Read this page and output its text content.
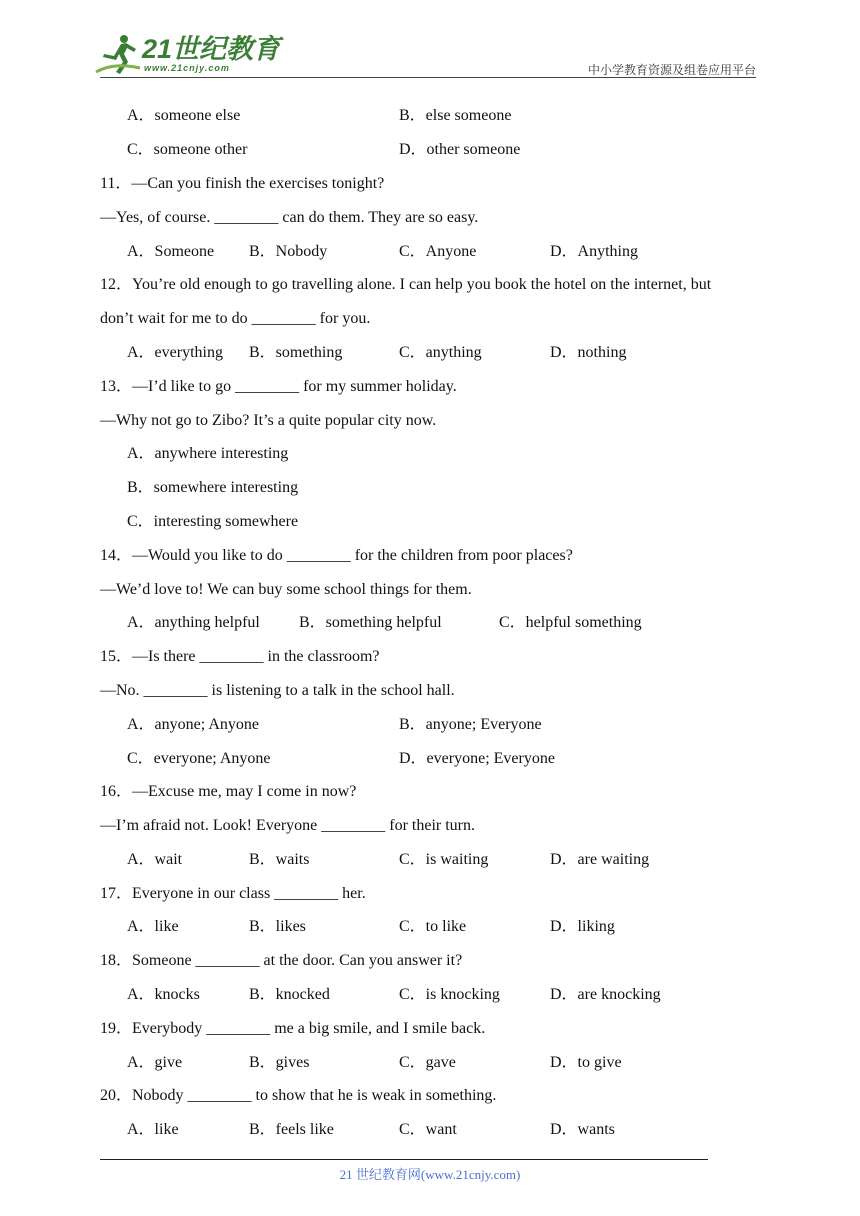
21世纪教育
www.21cnjy.com	中小学教育资源及组卷应用平台
A．someone else	B．else someone
C．someone other	D．other someone
11．—Can you finish the exercises tonight?
—Yes, of course. ________ can do them. They are so easy.
A．Someone B．Nobody	C．Anyone	D．Anything
12．You’re old enough to go travelling alone. I can help you book the hotel on the internet, but
don’t wait for me to do ________ for you.
A．everything B．something	C．anything	D．nothing
13．—I’d like to go ________ for my summer holiday.
—Why not go to Zibo? It’s a quite popular city now.
A．anywhere interesting
B．somewhere interesting
C．interesting somewhere
14．—Would you like to do ________ for the children from poor places?
—We’d love to! We can buy some school things for them.
A．anything helpful B．something helpful	C．helpful something
15．—Is there ________ in the classroom?
—No. ________ is listening to a talk in the school hall.
A．anyone; Anyone	B．anyone; Everyone
C．everyone; Anyone	D．everyone; Everyone
16．—Excuse me, may I come in now?
—I’m afraid not. Look! Everyone ________ for their turn.
A．wait	B．waits	C．is waiting	D．are waiting
17．Everyone in our class ________ her.
A．like	B．likes	C．to like	D．liking
18．Someone ________ at the door. Can you answer it?
A．knocks	B．knocked	C．is knocking	D．are knocking
19．Everybody ________ me a big smile, and I smile back.
A．give	B．gives	C．gave	D．to give
20．Nobody ________ to show that he is weak in something.
A．like	B．feels like	C．want	D．wants
21 世纪教育网(www.21cnjy.com)
